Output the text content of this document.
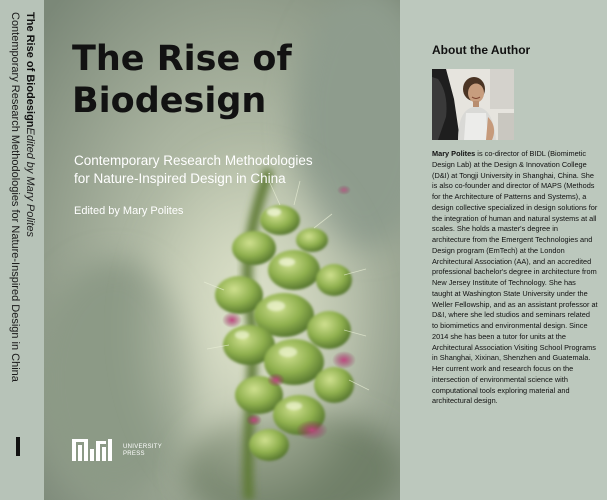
The Rise of BiodesignEdited by Mary Polites
Contemporary Research Methodologies for Nature-Inspired Design in China The Rise of
Biodesign
Contemporary Research Methodologies
for Nature-Inspired Design in China
Edited by Mary Polites
UNIVERSITY
PRESS
About the Author

Mary Polites is co-director of BIDL (Biomimetic Design Lab) at the Design & Innovation College (D&I) at Tongji University in Shanghai, China. She is also co-founder and director of MAPS (Methods for the Architecture of Patterns and Systems), a design collective specialized in design solutions for the integration of human and natural systems at all scales. She holds a master's degree in architecture from the Emergent Technologies and Design program (EmTech) at the London Architectural Association (AA), and an accredited professional bachelor's degree in architecture from New Jersey Institute of Technology. She has taught at Washington State University under the Weller Fellowship, and as an assistant professor at D&I, where she led studios and seminars related to biomimetics and environmental design. Since 2014 she has been a tutor for units at the Architectural Association Visiting School Programs in Shanghai, Xixinan, Shenzhen and Guatemala. Her current work and research focus on the intersection of environmental science with computational tools exploring material and architectural design.
